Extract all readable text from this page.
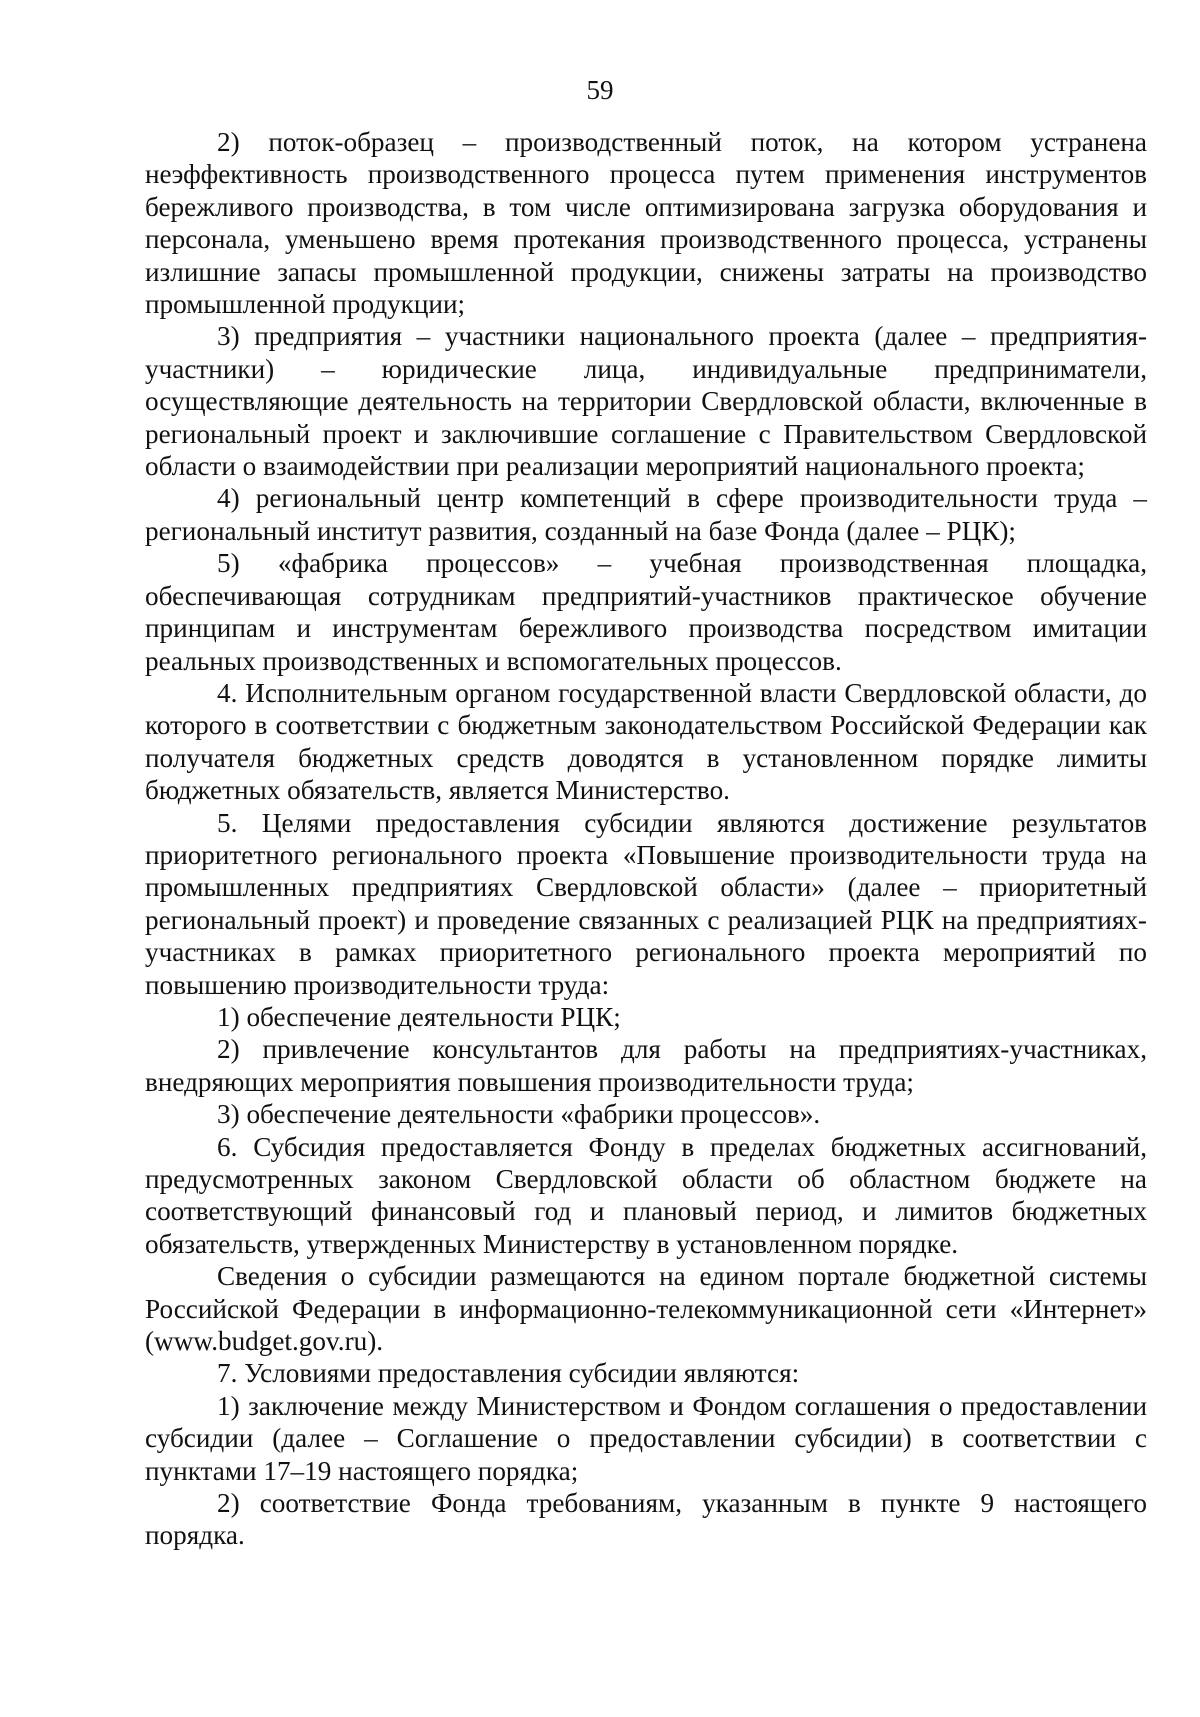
59

2) поток-образец – производственный поток, на котором устранена неэффективность производственного процесса путем применения инструментов бережливого производства, в том числе оптимизирована загрузка оборудования и персонала, уменьшено время протекания производственного процесса, устранены излишние запасы промышленной продукции, снижены затраты на производство промышленной продукции;

3) предприятия – участники национального проекта (далее – предприятия-участники) – юридические лица, индивидуальные предприниматели, осуществляющие деятельность на территории Свердловской области, включенные в региональный проект и заключившие соглашение с Правительством Свердловской области о взаимодействии при реализации мероприятий национального проекта;

4) региональный центр компетенций в сфере производительности труда – региональный институт развития, созданный на базе Фонда (далее – РЦК);

5) «фабрика процессов» – учебная производственная площадка, обеспечивающая сотрудникам предприятий-участников практическое обучение принципам и инструментам бережливого производства посредством имитации реальных производственных и вспомогательных процессов.

4. Исполнительным органом государственной власти Свердловской области, до которого в соответствии с бюджетным законодательством Российской Федерации как получателя бюджетных средств доводятся в установленном порядке лимиты бюджетных обязательств, является Министерство.

5. Целями предоставления субсидии являются достижение результатов приоритетного регионального проекта «Повышение производительности труда на промышленных предприятиях Свердловской области» (далее – приоритетный региональный проект) и проведение связанных с реализацией РЦК на предприятиях-участниках в рамках приоритетного регионального проекта мероприятий по повышению производительности труда:

1) обеспечение деятельности РЦК;

2) привлечение консультантов для работы на предприятиях-участниках, внедряющих мероприятия повышения производительности труда;

3) обеспечение деятельности «фабрики процессов».

6. Субсидия предоставляется Фонду в пределах бюджетных ассигнований, предусмотренных законом Свердловской области об областном бюджете на соответствующий финансовый год и плановый период, и лимитов бюджетных обязательств, утвержденных Министерству в установленном порядке.

Сведения о субсидии размещаются на едином портале бюджетной системы Российской Федерации в информационно-телекоммуникационной сети «Интернет» (www.budget.gov.ru).

7. Условиями предоставления субсидии являются:

1) заключение между Министерством и Фондом соглашения о предоставлении субсидии (далее – Соглашение о предоставлении субсидии) в соответствии с пунктами 17–19 настоящего порядка;

2) соответствие Фонда требованиям, указанным в пункте 9 настоящего порядка.
